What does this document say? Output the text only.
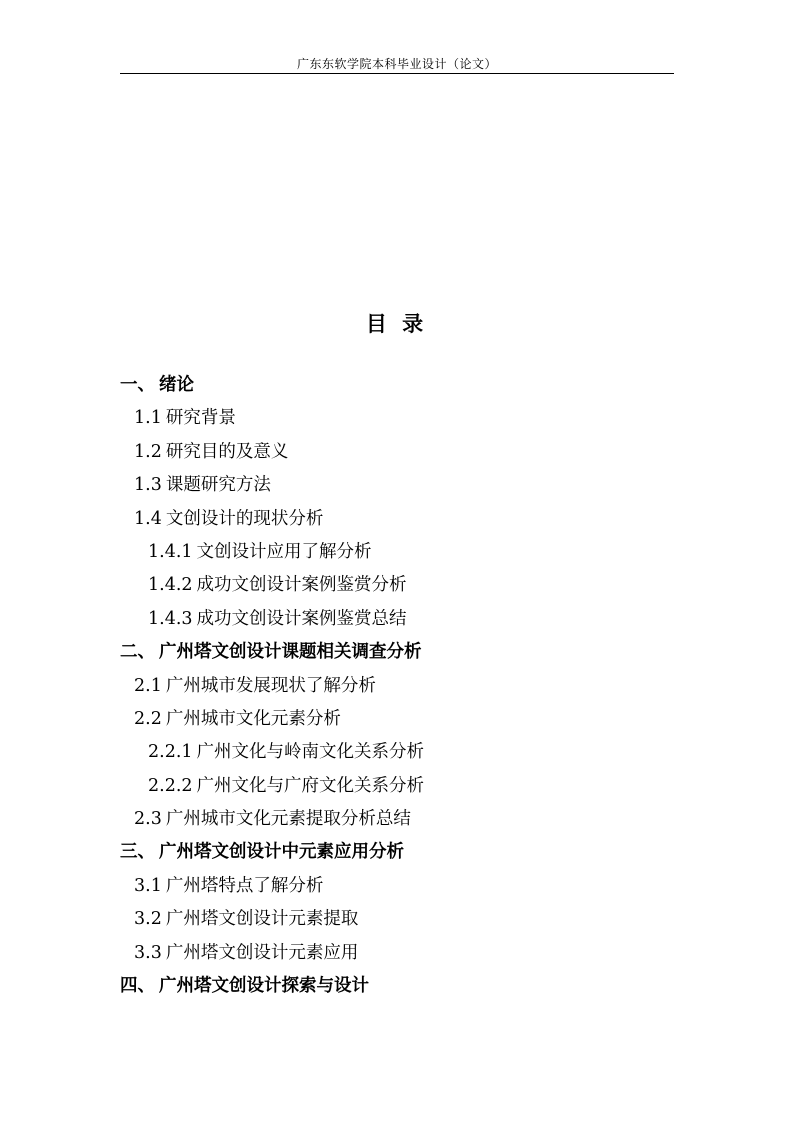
广东东软学院本科毕业设计（论文）
目 录
一、 绪论
1.1 研究背景
1.2 研究目的及意义
1.3 课题研究方法
1.4 文创设计的现状分析
1.4.1 文创设计应用了解分析
1.4.2 成功文创设计案例鉴赏分析
1.4.3 成功文创设计案例鉴赏总结
二、 广州塔文创设计课题相关调查分析
2.1 广州城市发展现状了解分析
2.2 广州城市文化元素分析
2.2.1 广州文化与岭南文化关系分析
2.2.2 广州文化与广府文化关系分析
2.3 广州城市文化元素提取分析总结
三、 广州塔文创设计中元素应用分析
3.1 广州塔特点了解分析
3.2 广州塔文创设计元素提取
3.3 广州塔文创设计元素应用
四、 广州塔文创设计探索与设计
